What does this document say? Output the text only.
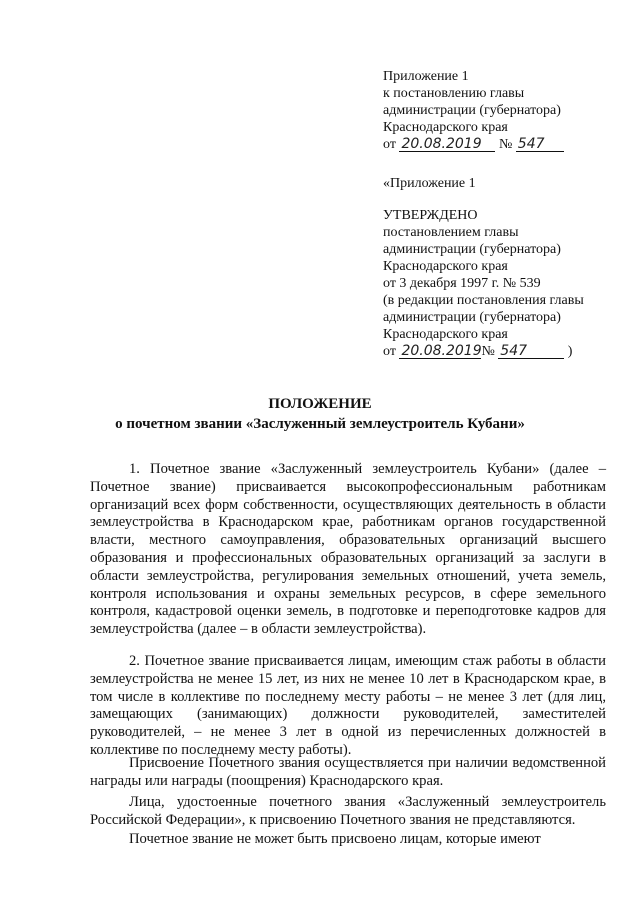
Приложение 1
к постановлению главы
администрации (губернатора)
Краснодарского края
от 20.08.2019 № 547
«Приложение 1
УТВЕРЖДЕНО
постановлением главы
администрации (губернатора)
Краснодарского края
от 3 декабря 1997 г. № 539
(в редакции постановления главы
администрации (губернатора)
Краснодарского края
от 20.08.2019№ 547	)
ПОЛОЖЕНИЕ
о почетном звании «Заслуженный землеустроитель Кубани»

1. Почетное звание «Заслуженный землеустроитель Кубани» (далее – Почетное звание) присваивается высокопрофессиональным работникам организаций всех форм собственности, осуществляющих деятельность в области землеустройства в Краснодарском крае, работникам органов государственной власти, местного самоуправления, образовательных организаций высшего образования и профессиональных образовательных организаций за заслуги в области землеустройства, регулирования земельных отношений, учета земель, контроля использования и охраны земельных ресурсов, в сфере земельного контроля, кадастровой оценки земель, в подготовке и переподготовке кадров для землеустройства (далее – в области землеустройства).

2. Почетное звание присваивается лицам, имеющим стаж работы в области землеустройства не менее 15 лет, из них не менее 10 лет в Краснодарском крае, в том числе в коллективе по последнему месту работы – не менее 3 лет (для лиц, замещающих (занимающих) должности руководителей, заместителей руководителей, – не менее 3 лет в одной из перечисленных должностей в коллективе по последнему месту работы).

Присвоение Почетного звания осуществляется при наличии ведомственной награды или награды (поощрения) Краснодарского края.

Лица, удостоенные почетного звания «Заслуженный землеустроитель Российской Федерации», к присвоению Почетного звания не представляются.

Почетное звание не может быть присвоено лицам, которые имеют
